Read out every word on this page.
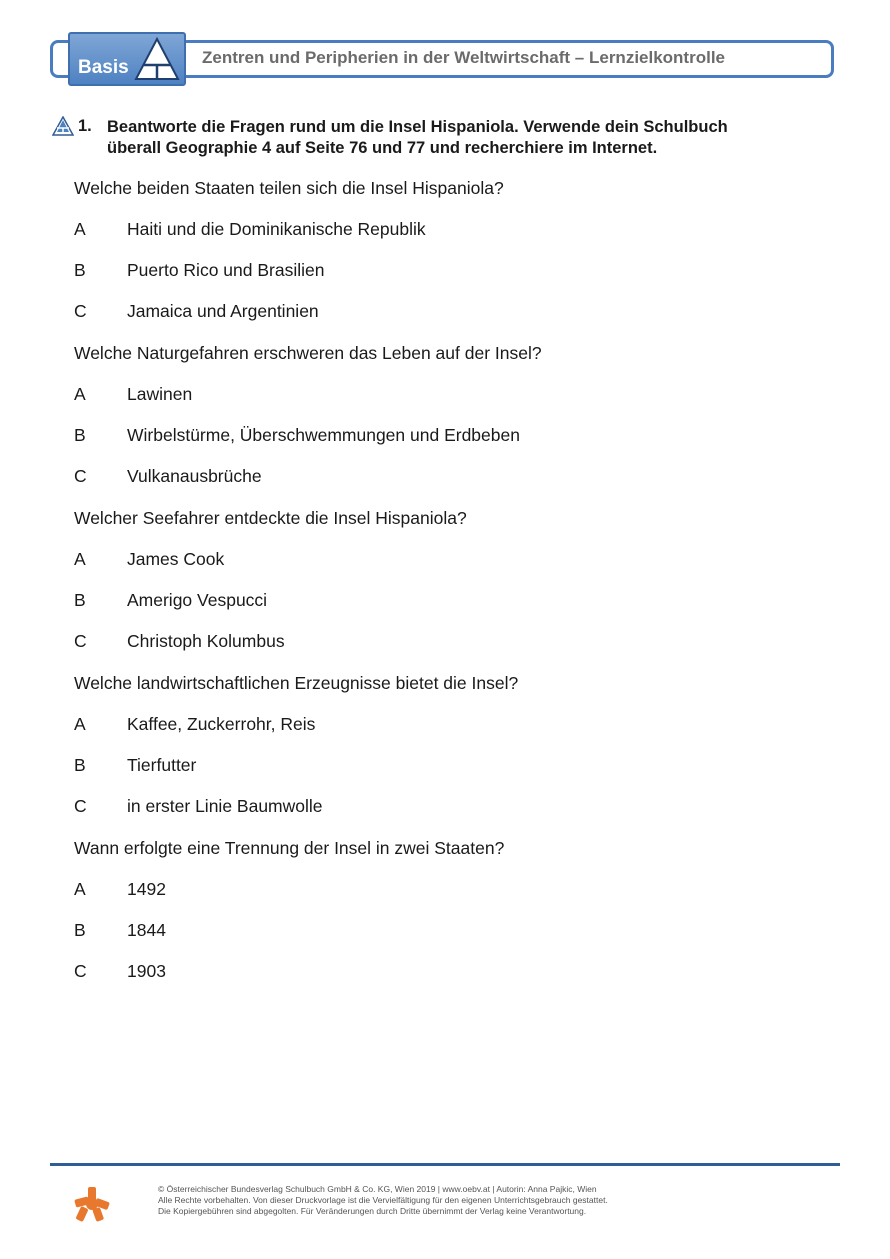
Basis	Zentren und Peripherien in der Weltwirtschaft – Lernzielkontrolle
1. Beantworte die Fragen rund um die Insel Hispaniola. Verwende dein Schulbuch
überall Geographie 4 auf Seite 76 und 77 und recherchiere im Internet.
Welche beiden Staaten teilen sich die Insel Hispaniola?
A Haiti und die Dominikanische Republik
B Puerto Rico und Brasilien
C Jamaica und Argentinien
Welche Naturgefahren erschweren das Leben auf der Insel?
A Lawinen
B Wirbelstürme, Überschwemmungen und Erdbeben
C Vulkanausbrüche
Welcher Seefahrer entdeckte die Insel Hispaniola?
A James Cook
B Amerigo Vespucci
C Christoph Kolumbus
Welche landwirtschaftlichen Erzeugnisse bietet die Insel?
A Kaffee, Zuckerrohr, Reis
B Tierfutter
C in erster Linie Baumwolle
Wann erfolgte eine Trennung der Insel in zwei Staaten?
A 1492
B 1844
C 1903
© Österreichischer Bundesverlag Schulbuch GmbH & Co. KG, Wien 2019 | www.oebv.at | Autorin: Anna Pajkic, Wien
Alle Rechte vorbehalten. Von dieser Druckvorlage ist die Vervielfältigung für den eigenen Unterrichtsgebrauch gestattet.
Die Kopiergebühren sind abgegolten. Für Veränderungen durch Dritte übernimmt der Verlag keine Verantwortung.
